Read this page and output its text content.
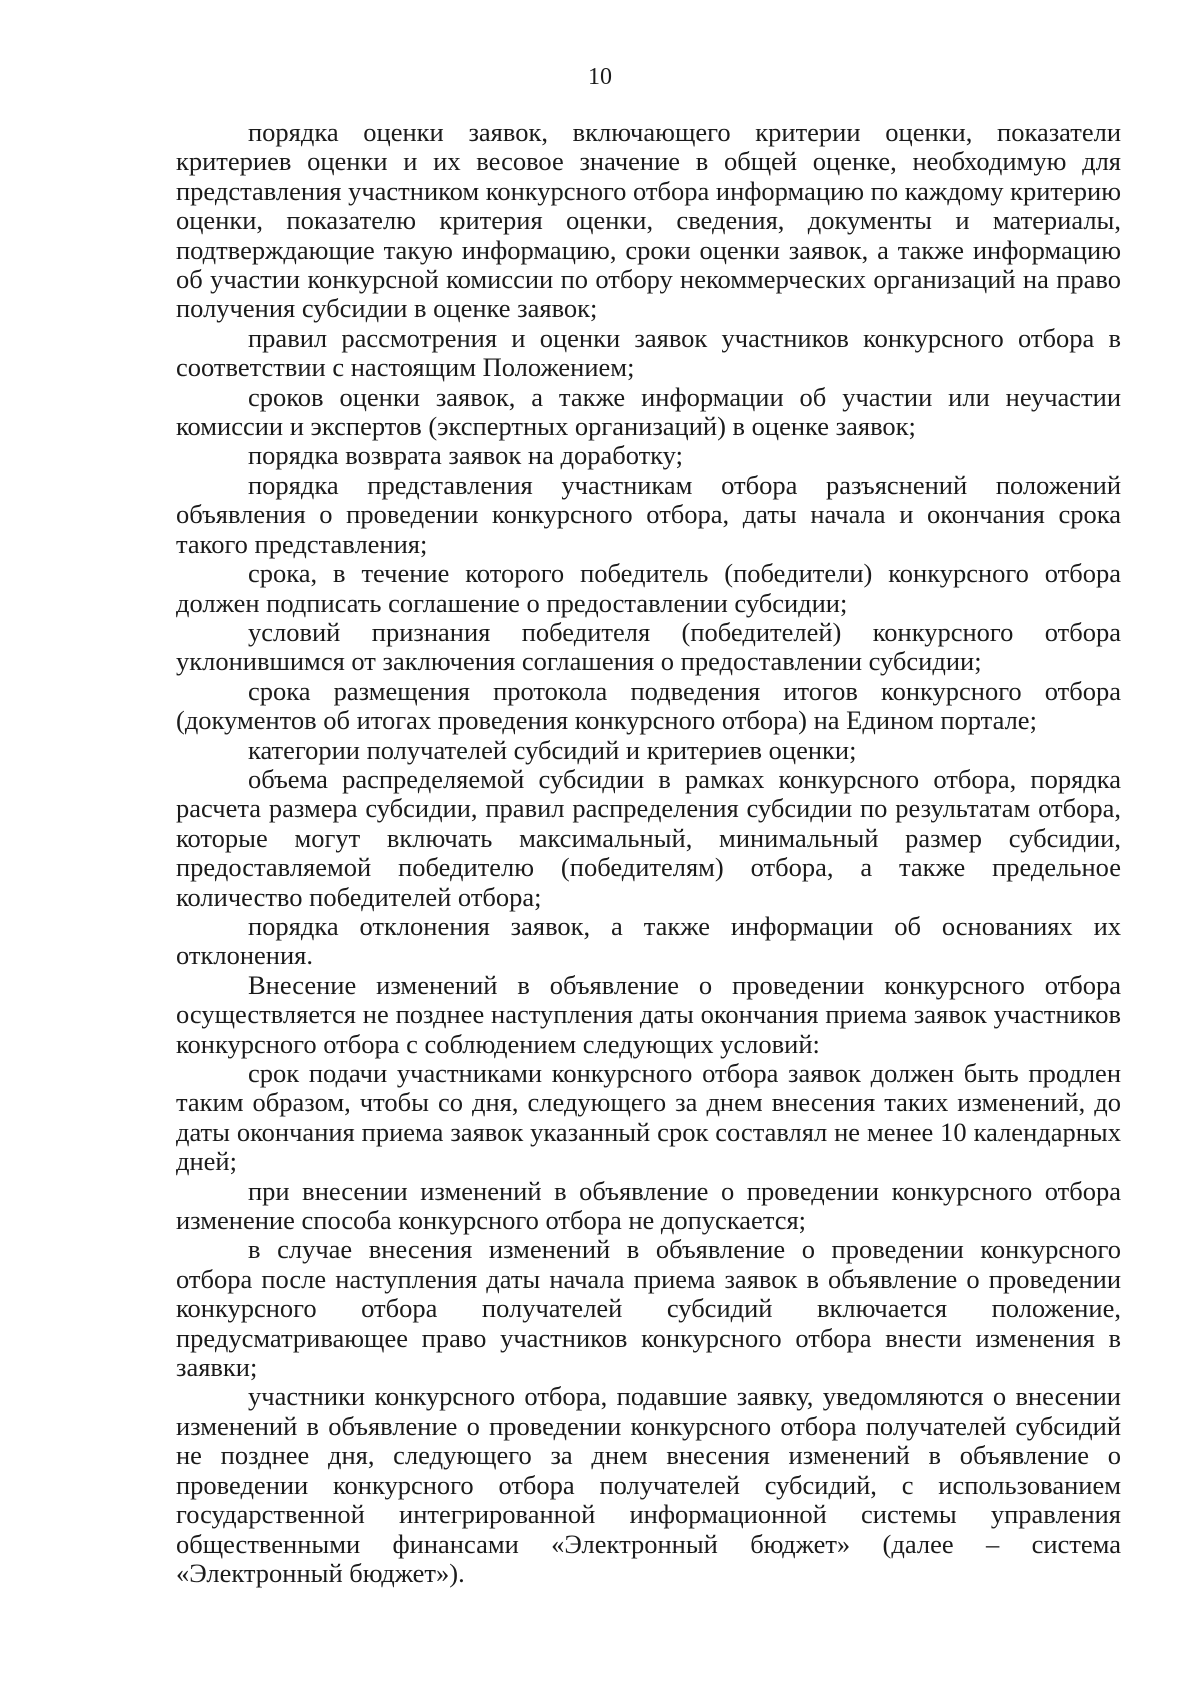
10

порядка оценки заявок, включающего критерии оценки, показатели критериев оценки и их весовое значение в общей оценке, необходимую для представления участником конкурсного отбора информацию по каждому критерию оценки, показателю критерия оценки, сведения, документы и материалы, подтверждающие такую информацию, сроки оценки заявок, а также информацию об участии конкурсной комиссии по отбору некоммерческих организаций на право получения субсидии в оценке заявок;

правил рассмотрения и оценки заявок участников конкурсного отбора в соответствии с настоящим Положением;

сроков оценки заявок, а также информации об участии или неучастии комиссии и экспертов (экспертных организаций) в оценке заявок;

порядка возврата заявок на доработку;

порядка представления участникам отбора разъяснений положений объявления о проведении конкурсного отбора, даты начала и окончания срока такого представления;

срока, в течение которого победитель (победители) конкурсного отбора должен подписать соглашение о предоставлении субсидии;

условий признания победителя (победителей) конкурсного отбора уклонившимся от заключения соглашения о предоставлении субсидии;

срока размещения протокола подведения итогов конкурсного отбора (документов об итогах проведения конкурсного отбора) на Едином портале;

категории получателей субсидий и критериев оценки;

объема распределяемой субсидии в рамках конкурсного отбора, порядка расчета размера субсидии, правил распределения субсидии по результатам отбора, которые могут включать максимальный, минимальный размер субсидии, предоставляемой победителю (победителям) отбора, а также предельное количество победителей отбора;

порядка отклонения заявок, а также информации об основаниях их отклонения.

Внесение изменений в объявление о проведении конкурсного отбора осуществляется не позднее наступления даты окончания приема заявок участников конкурсного отбора с соблюдением следующих условий:

срок подачи участниками конкурсного отбора заявок должен быть продлен таким образом, чтобы со дня, следующего за днем внесения таких изменений, до даты окончания приема заявок указанный срок составлял не менее 10 календарных дней;

при внесении изменений в объявление о проведении конкурсного отбора изменение способа конкурсного отбора не допускается;

в случае внесения изменений в объявление о проведении конкурсного отбора после наступления даты начала приема заявок в объявление о проведении конкурсного отбора получателей субсидий включается положение, предусматривающее право участников конкурсного отбора внести изменения в заявки;

участники конкурсного отбора, подавшие заявку, уведомляются о внесении изменений в объявление о проведении конкурсного отбора получателей субсидий не позднее дня, следующего за днем внесения изменений в объявление о проведении конкурсного отбора получателей субсидий, с использованием государственной интегрированной информационной системы управления общественными финансами «Электронный бюджет» (далее – система «Электронный бюджет»).
